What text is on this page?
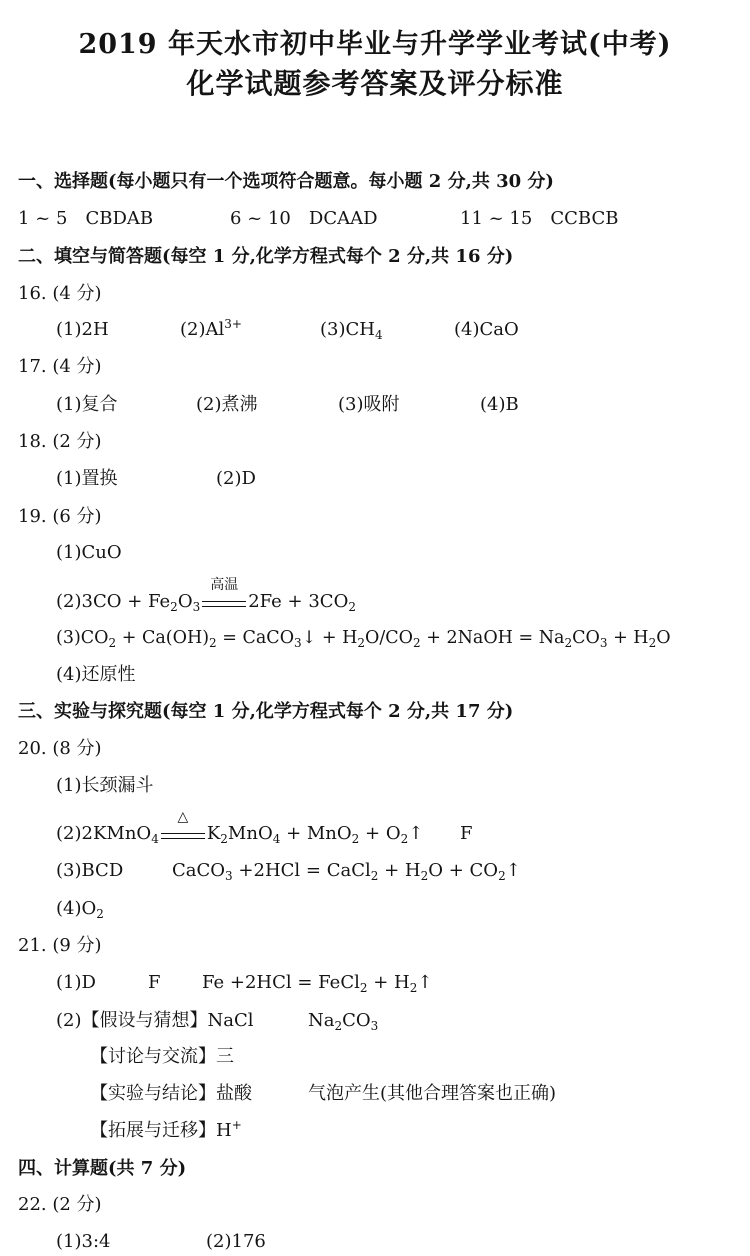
2019 年天水市初中毕业与升学学业考试(中考)
化学试题参考答案及评分标准
一、选择题(每小题只有一个选项符合题意。每小题 2 分,共 30 分)
1 ~ 5 CBDAB	6 ~ 10 DCAAD	11 ~ 15 CCBCB
二、填空与简答题(每空 1 分,化学方程式每个 2 分,共 16 分)
16. (4 分)
(1)2H	$(2)Al^{3+}$	$(3)CH_4$	(4)CaO
17. (4 分)
(1)复合	(2)煮沸	(3)吸附	(4)B
18. (2 分)
(1)置换	(2)D
19. (6 分)
(1)CuO
$(2)3CO + Fe_2O_3$
高温
$2Fe + 3CO_2$
$(3)CO_2 + Ca(OH)_2$ = CaCO$_3$↓ + $H_2O/CO_2$ + 2NaOH = $Na_2CO_3 + H_2O$
(4)还原性
三、实验与探究题(每空 1 分,化学方程式每个 2 分,共 17 分)
20. (8 分)
(1)长颈漏斗
(2)2KMnO$_4$
△
$K_2MnO_4 + MnO_2$ + $O_2↑$ F
(3)BCD	CaCO$_3$ +2HCl = CaCl$_2$ + $H_2O$ + $CO_2↑$
$(4)O_2$
21. (9 分)
(1)D	F Fe +2HCl = FeCl$_2$ + $H_2↑$
(2)【假设与猜想】NaCl	$Na_2CO_3$
【讨论与交流】三
【实验与结论】盐酸	气泡产生(其他合理答案也正确)
【拓展与迁移】H+
四、计算题(共 7 分)
22. (2 分)
(1)3:4	(2)176
